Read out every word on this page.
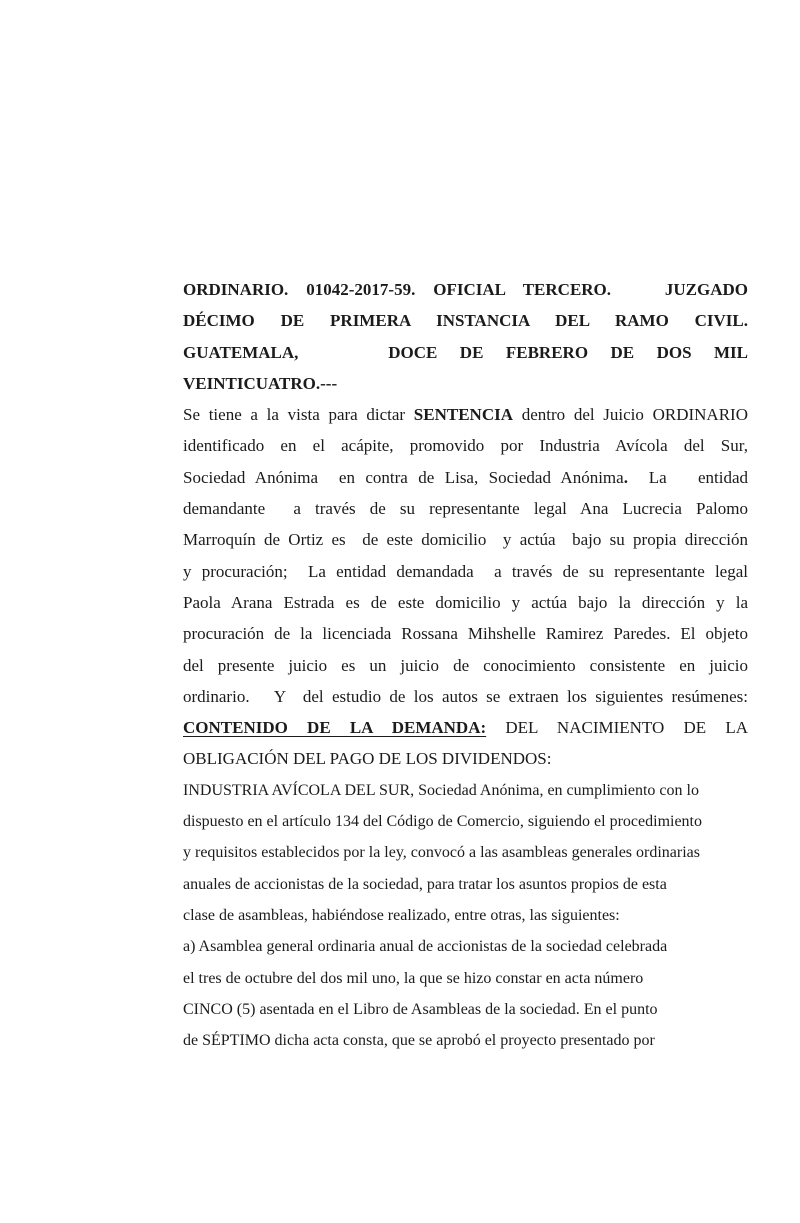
ORDINARIO. 01042-2017-59. OFICIAL TERCERO.   JUZGADO
DÉCIMO DE PRIMERA INSTANCIA DEL RAMO CIVIL.
GUATEMALA,    DOCE DE FEBRERO DE DOS MIL
VEINTICUATRO.---
Se tiene a la vista para dictar SENTENCIA dentro del Juicio ORDINARIO
identificado en el acápite, promovido por Industria Avícola del Sur,
Sociedad Anónima  en contra de Lisa, Sociedad Anónima.  La   entidad
demandante  a través de su representante legal Ana Lucrecia Palomo
Marroquín de Ortiz es  de este domicilio  y actúa  bajo su propia dirección
y procuración;  La entidad demandada  a través de su representante legal
Paola Arana Estrada es de este domicilio y actúa bajo la dirección y la
procuración de la licenciada Rossana Mihshelle Ramirez Paredes. El objeto
del presente juicio es un juicio de conocimiento consistente en juicio
ordinario.   Y  del estudio de los autos se extraen los siguientes resúmenes:
CONTENIDO DE LA DEMANDA: DEL NACIMIENTO DE LA
OBLIGACIÓN DEL PAGO DE LOS DIVIDENDOS:
INDUSTRIA AVÍCOLA DEL SUR, Sociedad Anónima, en cumplimiento con lo
dispuesto en el artículo 134 del Código de Comercio, siguiendo el procedimiento
y requisitos establecidos por la ley, convocó a las asambleas generales ordinarias
anuales de accionistas de la sociedad, para tratar los asuntos propios de esta
clase de asambleas, habiéndose realizado, entre otras, las siguientes:
a) Asamblea general ordinaria anual de accionistas de la sociedad celebrada
el tres de octubre del dos mil uno, la que se hizo constar en acta número
CINCO (5) asentada en el Libro de Asambleas de la sociedad. En el punto
de SÉPTIMO dicha acta consta, que se aprobó el proyecto presentado por
